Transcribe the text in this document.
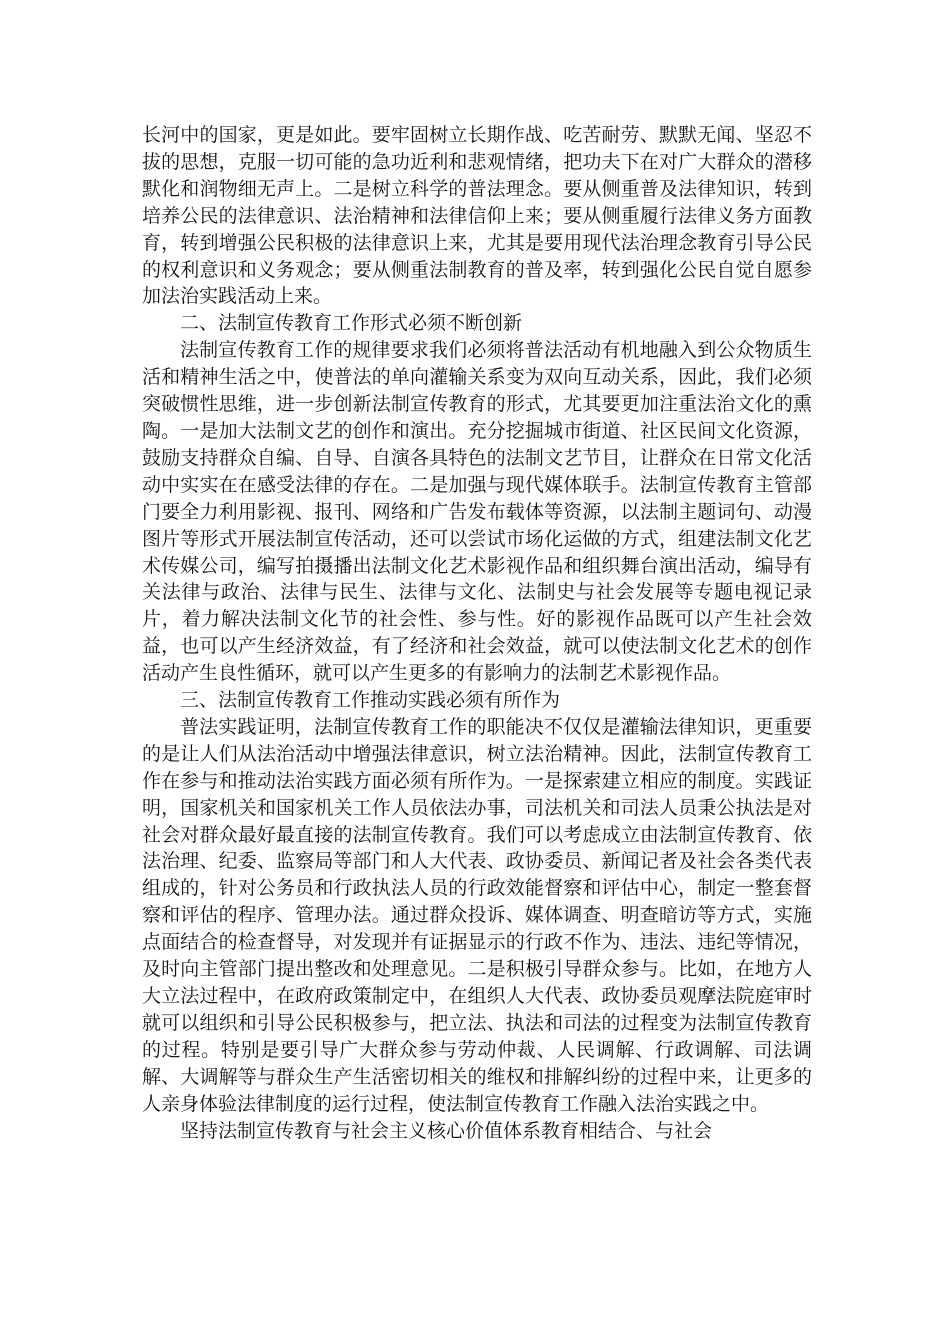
长河中的国家，更是如此。要牢固树立长期作战、吃苦耐劳、默默无闻、坚忍不拔的思想，克服一切可能的急功近利和悲观情绪，把功夫下在对广大群众的潜移默化和润物细无声上。二是树立科学的普法理念。要从侧重普及法律知识，转到培养公民的法律意识、法治精神和法律信仰上来；要从侧重履行法律义务方面教育，转到增强公民积极的法律意识上来，尤其是要用现代法治理念教育引导公民的权利意识和义务观念；要从侧重法制教育的普及率，转到强化公民自觉自愿参加法治实践活动上来。

二、法制宣传教育工作形式必须不断创新

法制宣传教育工作的规律要求我们必须将普法活动有机地融入到公众物质生活和精神生活之中，使普法的单向灌输关系变为双向互动关系，因此，我们必须突破惯性思维，进一步创新法制宣传教育的形式，尤其要更加注重法治文化的熏陶。一是加大法制文艺的创作和演出。充分挖掘城市街道、社区民间文化资源，鼓励支持群众自编、自导、自演各具特色的法制文艺节目，让群众在日常文化活动中实实在在感受法律的存在。二是加强与现代媒体联手。法制宣传教育主管部门要全力利用影视、报刊、网络和广告发布载体等资源，以法制主题词句、动漫图片等形式开展法制宣传活动，还可以尝试市场化运做的方式，组建法制文化艺术传媒公司，编写拍摄播出法制文化艺术影视作品和组织舞台演出活动，编导有关法律与政治、法律与民生、法律与文化、法制史与社会发展等专题电视记录片，着力解决法制文化节的社会性、参与性。好的影视作品既可以产生社会效益，也可以产生经济效益，有了经济和社会效益，就可以使法制文化艺术的创作活动产生良性循环，就可以产生更多的有影响力的法制艺术影视作品。

三、法制宣传教育工作推动实践必须有所作为

普法实践证明，法制宣传教育工作的职能决不仅仅是灌输法律知识，更重要的是让人们从法治活动中增强法律意识，树立法治精神。因此，法制宣传教育工作在参与和推动法治实践方面必须有所作为。一是探索建立相应的制度。实践证明，国家机关和国家机关工作人员依法办事，司法机关和司法人员秉公执法是对社会对群众最好最直接的法制宣传教育。我们可以考虑成立由法制宣传教育、依法治理、纪委、监察局等部门和人大代表、政协委员、新闻记者及社会各类代表组成的，针对公务员和行政执法人员的行政效能督察和评估中心，制定一整套督察和评估的程序、管理办法。通过群众投诉、媒体调查、明查暗访等方式，实施点面结合的检查督导，对发现并有证据显示的行政不作为、违法、违纪等情况，及时向主管部门提出整改和处理意见。二是积极引导群众参与。比如，在地方人大立法过程中，在政府政策制定中，在组织人大代表、政协委员观摩法院庭审时就可以组织和引导公民积极参与，把立法、执法和司法的过程变为法制宣传教育的过程。特别是要引导广大群众参与劳动仲裁、人民调解、行政调解、司法调解、大调解等与群众生产生活密切相关的维权和排解纠纷的过程中来，让更多的人亲身体验法律制度的运行过程，使法制宣传教育工作融入法治实践之中。

坚持法制宣传教育与社会主义核心价值体系教育相结合、与社会
